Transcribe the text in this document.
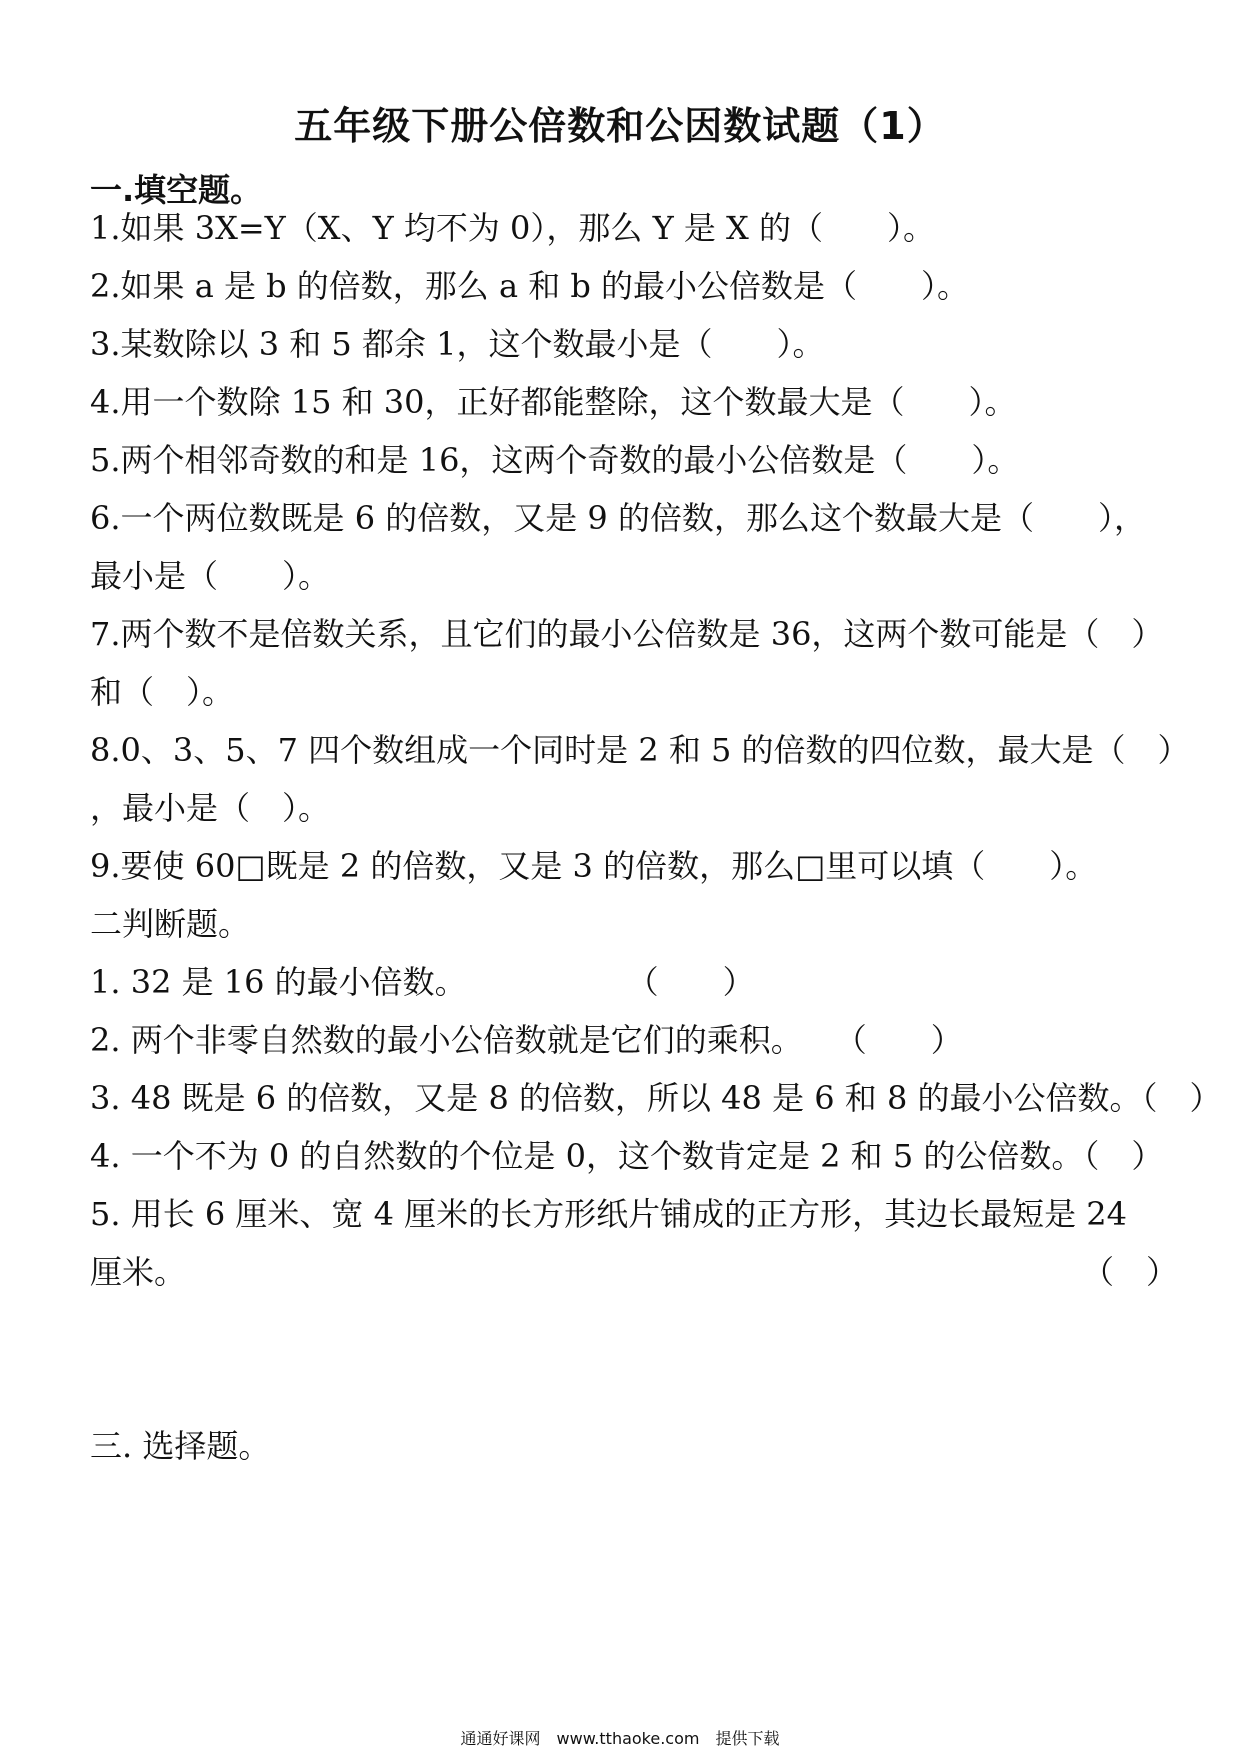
五年级下册公倍数和公因数试题（1）
一.填空题。
1.如果 3X=Y（X、Y 均不为 0），那么 Y 是 X 的（　　）。
2.如果 a 是 b 的倍数，那么 a 和 b 的最小公倍数是（　　）。
3.某数除以 3 和 5 都余 1，这个数最小是（　　）。
4.用一个数除 15 和 30，正好都能整除，这个数最大是（　　）。
5.两个相邻奇数的和是 16，这两个奇数的最小公倍数是（　　）。
6.一个两位数既是 6 的倍数，又是 9 的倍数，那么这个数最大是（　　），
最小是（　　）。
7.两个数不是倍数关系，且它们的最小公倍数是 36，这两个数可能是（　）
和（　）。
8.0、3、5、7 四个数组成一个同时是 2 和 5 的倍数的四位数，最大是（　）
，最小是（　）。
9.要使 60□既是 2 的倍数，又是 3 的倍数，那么□里可以填（　　）。
二判断题。
1. 32 是 16 的最小倍数。　　　　　　（　　）
2. 两个非零自然数的最小公倍数就是它们的乘积。　　（　　）
3. 48 既是 6 的倍数，又是 8 的倍数，所以 48 是 6 和 8 的最小公倍数。（　）
4. 一个不为 0 的自然数的个位是 0，这个数肯定是 2 和 5 的公倍数。（　）
5. 用长 6 厘米、宽 4 厘米的长方形纸片铺成的正方形，其边长最短是 24
厘米。	（　）
三. 选择题。
通通好课网　www.tthaoke.com　提供下载
